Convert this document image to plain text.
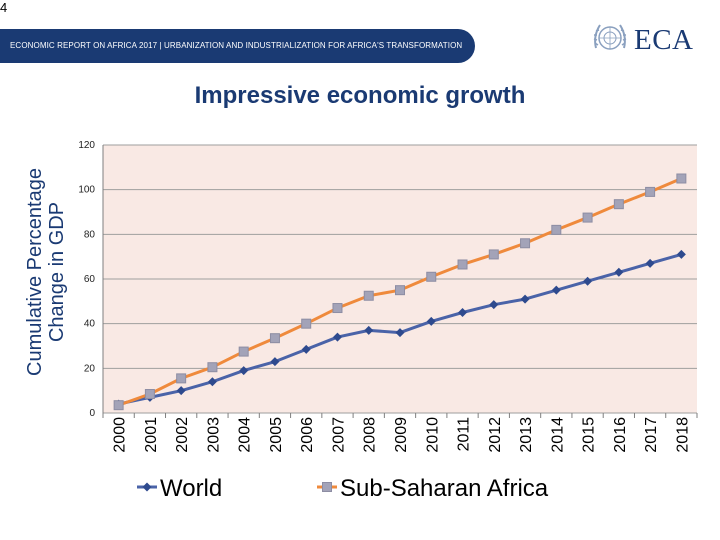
4
ECONOMIC REPORT ON AFRICA 2017 | URBANIZATION AND INDUSTRIALIZATION FOR AFRICA'S TRANSFORMATION	ECA
Impressive economic growth
Cumulative Percentage Change in GDP
0
20
40
60
80
100
120
2000 2001 2002 2003 2004 2005 2006 2007 2008 2009 2010 2011 2012 2013 2014 2015 2016 2017 2018
World	Sub-Saharan Africa
